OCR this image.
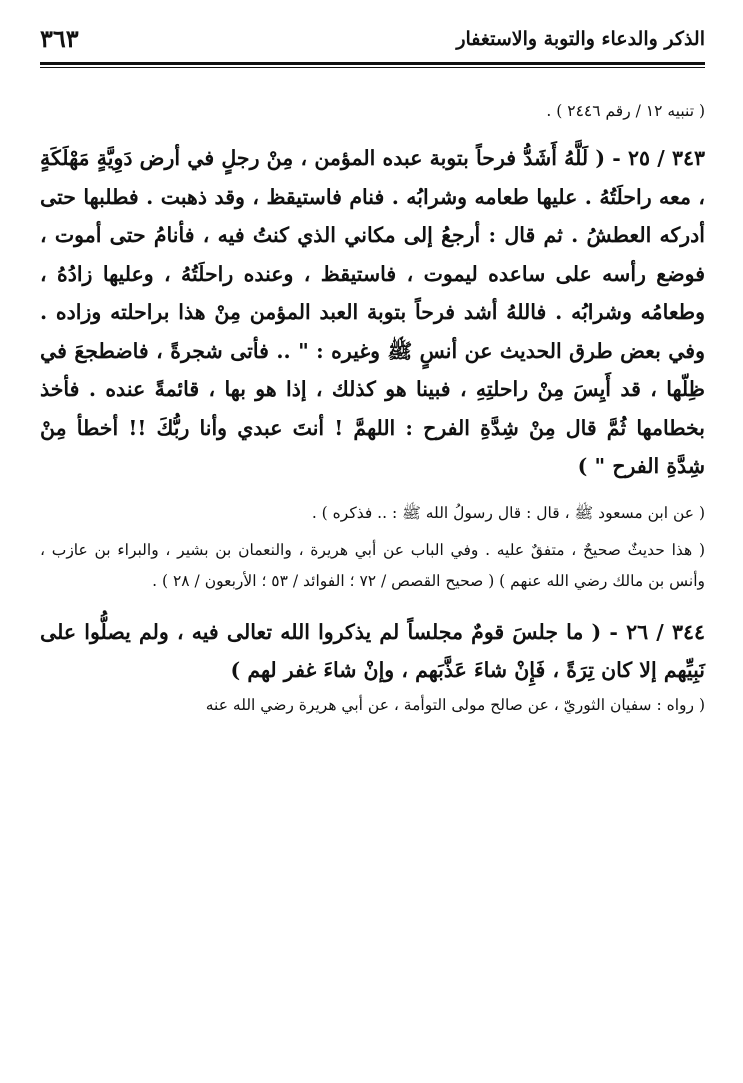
الذكر والدعاء والتوبة والاستغفار
٣٦٣

( تنبيه ١٢ / رقم ٢٤٤٦ ) .

٣٤٣ / ٢٥ - ( لَلَّهُ أَشَدُّ فرحاً بتوبة عبده المؤمن ، مِنْ رجلٍ في أرض دَوِيَّةٍ مَهْلَكَةٍ ، معه راحلَتُهُ . عليها طعامه وشرابُه . فنام فاستيقظ ، وقد ذهبت . فطلبها حتى أدركه العطشُ . ثم قال : أرجعُ إلى مكاني الذي كنتُ فيه ، فأنامُ حتى أموت ، فوضع رأسه على ساعده ليموت ، فاستيقظ ، وعنده راحلَتُهُ ، وعليها زادُهُ ، وطعامُه وشرابُه . فاللهُ أشد فرحاً بتوبة العبد المؤمن مِنْ هذا براحلته وزاده . وفي بعض طرق الحديث عن أنسٍ ﷺ وغيره : " .. فأتى شجرةً ، فاضطجعَ في ظِلّها ، قد أَيِسَ مِنْ راحلتِهِ ، فبينا هو كذلك ، إذا هو بها ، قائمةً عنده . فأخذ بخطامها ثُمَّ قال مِنْ شِدَّةِ الفرح : اللهمَّ ! أنتَ عبدي وأنا ربُّكَ !! أخطأ مِنْ شِدَّةِ الفرح " )

( عن ابن مسعود ﷺ ، قال : قال رسولُ الله ﷺ : .. فذكره ) .

( هذا حديثٌ صحيحٌ ، متفقٌ عليه . وفي الباب عن أبي هريرة ، والنعمان بن بشير ، والبراء بن عازب ، وأنس بن مالك رضي الله عنهم ) ( صحيح القصص / ٧٢ ؛ الفوائد / ٥٣ ؛ الأربعون / ٢٨ ) .

٣٤٤ / ٢٦ - ( ما جلسَ قومٌ مجلساً لم يذكروا الله تعالى فيه ، ولم يصلُّوا على نَبِيِّهم إلا كان تِرَةً ، فَإِنْ شاءَ عَذَّبَهم ، وإنْ شاءَ غفر لهم )

( رواه : سفيان الثوريّ ، عن صالح مولى التوأمة ، عن أبي هريرة رضي الله عنه
